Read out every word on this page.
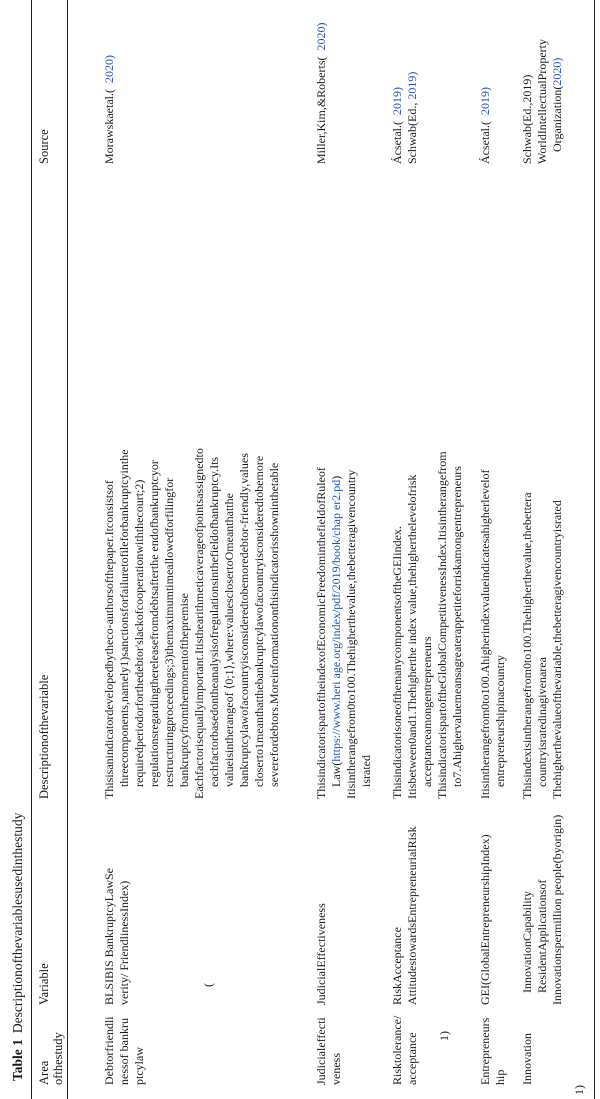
Table 1Descriptionofthevariablesusedinthestudy
Area ofthestudy
Variable
Descriptionofthevariable
Source
Debtorfriendlinessof bankruptcylaw
BLSIBIS BankruptcyLawSeverity/ FriendlinessIndex)	(

Thisisanindicatordevelopedbytheco-authorsofthepaper.Itconsistsof threecomponents,namely1)sanctionsforfailuretofileforbankruptcyinthe requiredperiodorforthedebtor'slackofcooperationwiththecourt;2) regulationsregardingthereleasefromdebtsafterthe endofbankruptcyor restructuringproceedings;3)themaximumtimeallowedforfilingfor bankruptcyfromthemomentofthepremise Eachfactorisequallyimportant.Itisthearithmeticaverageofpointsassignedto eachfactorbasedontheanalysisofregulationsinthefieldofbankruptcy.Its valueisintherangeof ⟨0;1⟩,where:valuesclosertoOmeanthatthe bankruptcylawofacountryisconsideredtobemoredebtor-friendly,values closerto1meanthatthebankruptcylawofacountryisconsideredtobemore severefordebtors.Moreinformationonthisindicatorisshowninthetable

Morawskaetal.(  2020)
Judicialeffectiveness
JudicialEffectiveness

ThisindicatorispartoftheindexofEconomicFreedominthefieldofRuleof Law(https://www.heri age.org/index/pdf/2019/book/chap er2.pd) Itisintherangefrom0to100.Thehigherthevalue,thebetteragivencountry israted

Miller,Kim,&Roberts(  2020)
Risktolerance/ acceptance

RiskAcceptance AttitudestowardsEntrepreneurialRisk

1)

ThisindicatorisoneofthemanycomponentsoftheGEIindex. Itisbetween0and1.Thehigherthe index value,thehigherthelevelofrisk acceptanceamongentrepreneurs ThisindicatorispartoftheGlobalCompetitivenessIndex.Itisintherangefrom to7.Ahighervaluemeansagreaterappetiteforriskamongentrepreneurs

Ácsetal.(  2019)

Schwab(Ed., 2019)

Entrepreneurship
GEI(GlobalEntrepreneurshipIndex)

Itisintherangefrom0to100.Ahigherindexvalueindicatesahigherlevelof entrepreneurshipinacountry

Ácsetal.(  2019)
Innovation

InnovationCapability ResidentApplicationsof Innovationspermillion people(byorigin)

1)

Thisindexisintherangefrom0to100.Thehigherthevalue,thebettera countryisratedinagivenarea Thehigherthevalueofthevariable,thebetteragivencountryisrated

Schwab(Ed.,2019) WorldIntellectualProperty Organization(2020)
